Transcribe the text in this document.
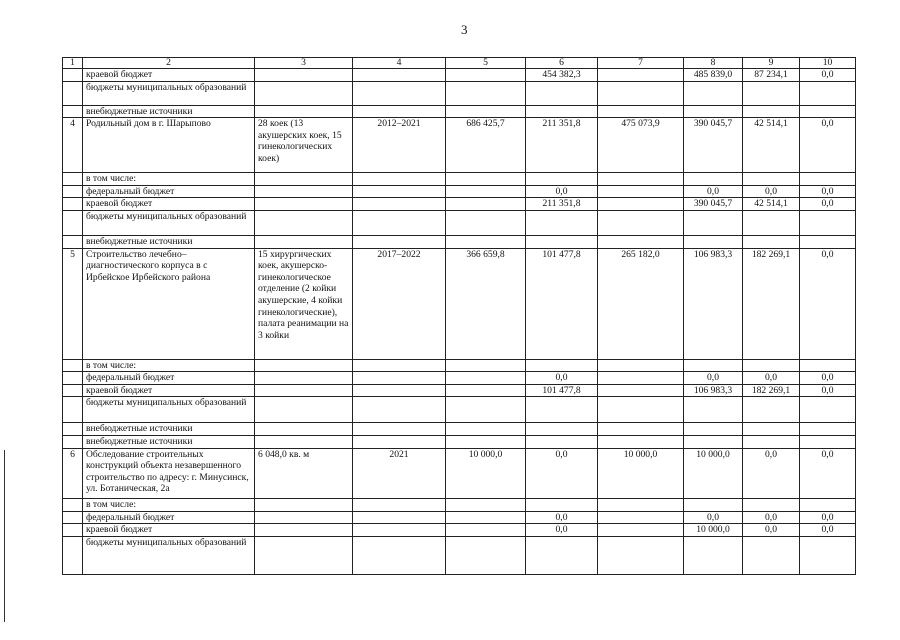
3
1	2	3	4	5	6	7	8	9	10
	краевой бюджет				454 382,3		485 839,0	87 234,1	0,0
	бюджеты муниципальных образований								
	внебюджетные источники								
4	Родильный дом в г. Шарыпово	28 коек (13 акушерских коек, 15 гинекологических коек)	2012–2021	686 425,7	211 351,8	475 073,9	390 045,7	42 514,1	0,0
	в том числе:								
	федеральный бюджет				0,0		0,0	0,0	0,0
	краевой бюджет				211 351,8		390 045,7	42 514,1	0,0
	бюджеты муниципальных образований								
	внебюджетные источники								
5	Строительство лечебно–диагностического корпуса в с Ирбейское Ирбейского района	15 хирургических коек, акушерско-гинекологическое отделение (2 койки акушерские, 4 койки гинекологические), палата реанимации на 3 койки	2017–2022	366 659,8	101 477,8	265 182,0	106 983,3	182 269,1	0,0
	в том числе:								
	федеральный бюджет				0,0		0,0	0,0	0,0
	краевой бюджет				101 477,8		106 983,3	182 269,1	0,0
	бюджеты муниципальных образований								
	внебюджетные источники								
	внебюджетные источники								
6	Обследование строительных конструкций объекта незавершенного строительство по адресу: г. Минусинск, ул. Ботаническая, 2а	6 048,0 кв. м	2021	10 000,0	0,0	10 000,0	10 000,0	0,0	0,0
	в том числе:								
	федеральный бюджет				0,0		0,0	0,0	0,0
	краевой бюджет				0,0		10 000,0	0,0	0,0
	бюджеты муниципальных образований								
